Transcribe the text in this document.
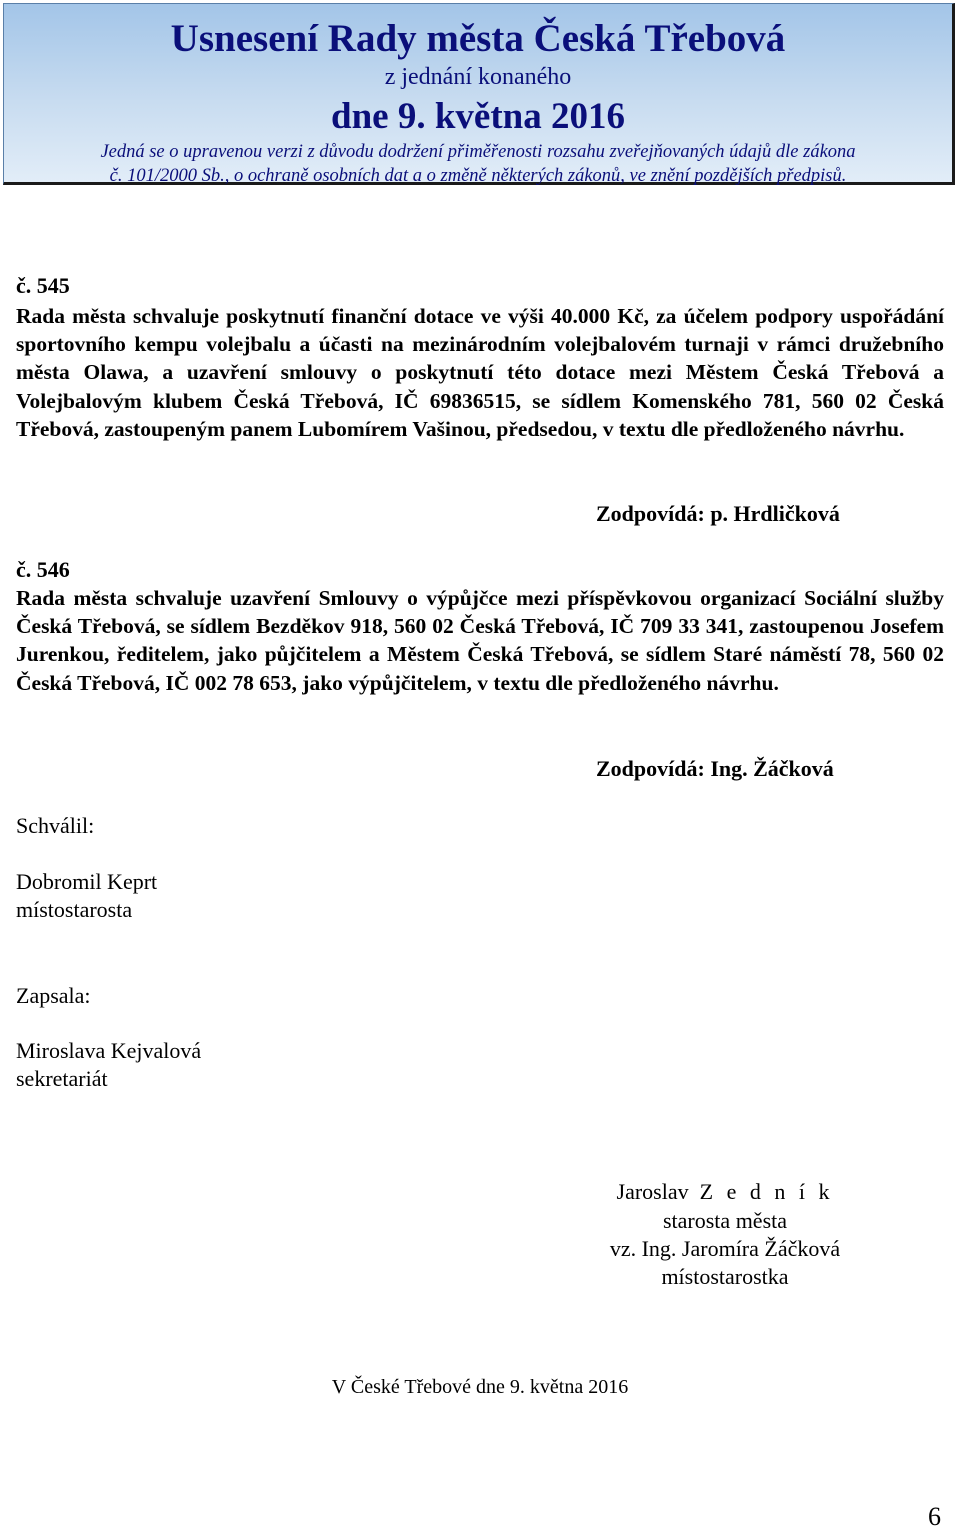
Usnesení Rady města Česká Třebová
z jednání konaného
dne 9. května 2016
Jedná se o upravenou verzi z důvodu dodržení přiměřenosti rozsahu zveřejňovaných údajů dle zákona
č. 101/2000 Sb., o ochraně osobních dat a o změně některých zákonů, ve znění pozdějších předpisů.
č. 545

Rada města schvaluje poskytnutí finanční dotace ve výši 40.000 Kč, za účelem podpory uspořádání sportovního kempu volejbalu a účasti na mezinárodním volejbalovém turnaji v rámci družebního města Olawa, a uzavření smlouvy o poskytnutí této dotace mezi Městem Česká Třebová a Volejbalovým klubem Česká Třebová, IČ 69836515, se sídlem Komenského 781, 560 02 Česká Třebová, zastoupeným panem Lubomírem Vašinou, předsedou, v textu dle předloženého návrhu.

Zodpovídá: p. Hrdličková
č. 546

Rada města schvaluje uzavření Smlouvy o výpůjčce mezi příspěvkovou organizací Sociální služby Česká Třebová, se sídlem Bezděkov 918, 560 02 Česká Třebová, IČ 709 33 341, zastoupenou Josefem Jurenkou, ředitelem, jako půjčitelem a Městem Česká Třebová, se sídlem Staré náměstí 78, 560 02 Česká Třebová, IČ 002 78 653, jako výpůjčitelem, v textu dle předloženého návrhu.

Zodpovídá: Ing. Žáčková
Schválil:
Dobromil Keprt
místostarosta
Zapsala:
Miroslava Kejvalová
sekretariát
Jaroslav Z e d n í k
starosta města
vz. Ing. Jaromíra Žáčková
místostarostka
V České Třebové dne 9. května 2016
6
